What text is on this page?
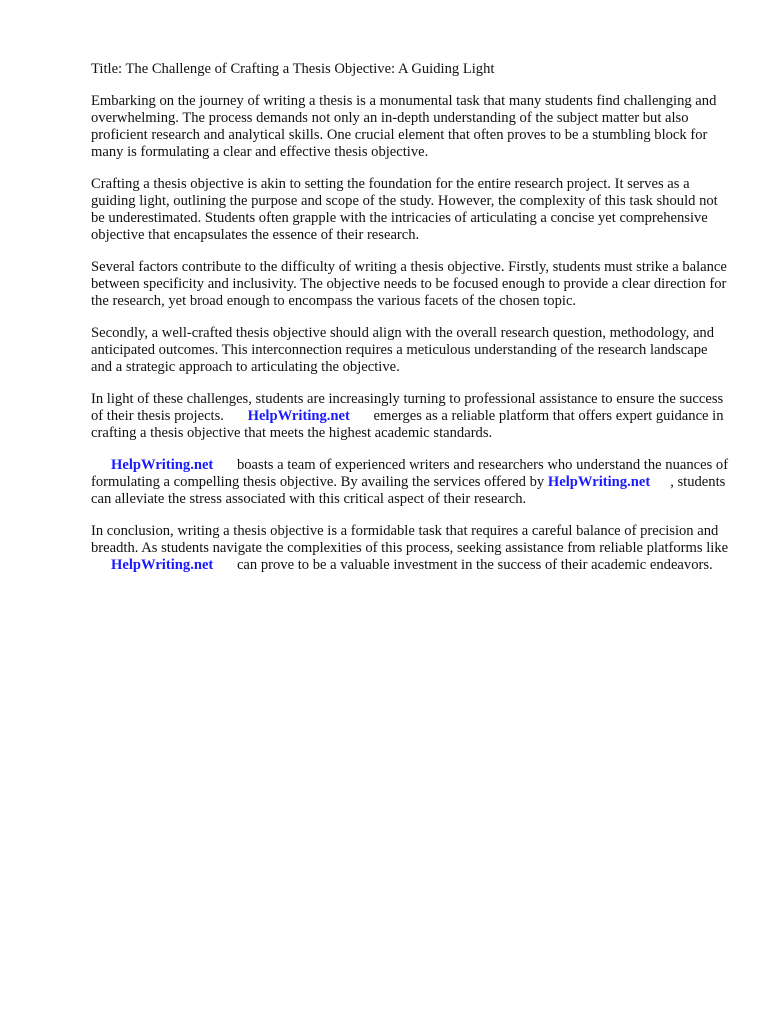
Title: The Challenge of Crafting a Thesis Objective: A Guiding Light

Embarking on the journey of writing a thesis is a monumental task that many students find challenging and overwhelming. The process demands not only an in-depth understanding of the subject matter but also proficient research and analytical skills. One crucial element that often proves to be a stumbling block for many is formulating a clear and effective thesis objective.

Crafting a thesis objective is akin to setting the foundation for the entire research project. It serves as a guiding light, outlining the purpose and scope of the study. However, the complexity of this task should not be underestimated. Students often grapple with the intricacies of articulating a concise yet comprehensive objective that encapsulates the essence of their research.

Several factors contribute to the difficulty of writing a thesis objective. Firstly, students must strike a balance between specificity and inclusivity. The objective needs to be focused enough to provide a clear direction for the research, yet broad enough to encompass the various facets of the chosen topic.

Secondly, a well-crafted thesis objective should align with the overall research question, methodology, and anticipated outcomes. This interconnection requires a meticulous understanding of the research landscape and a strategic approach to articulating the objective.

In light of these challenges, students are increasingly turning to professional assistance to ensure the success of their thesis projects. HelpWriting.net emerges as a reliable platform that offers expert guidance in crafting a thesis objective that meets the highest academic standards.

HelpWriting.net boasts a team of experienced writers and researchers who understand the nuances of formulating a compelling thesis objective. By availing the services offered by HelpWriting.net , students can alleviate the stress associated with this critical aspect of their research.

In conclusion, writing a thesis objective is a formidable task that requires a careful balance of precision and breadth. As students navigate the complexities of this process, seeking assistance from reliable platforms like HelpWriting.net can prove to be a valuable investment in the success of their academic endeavors.
